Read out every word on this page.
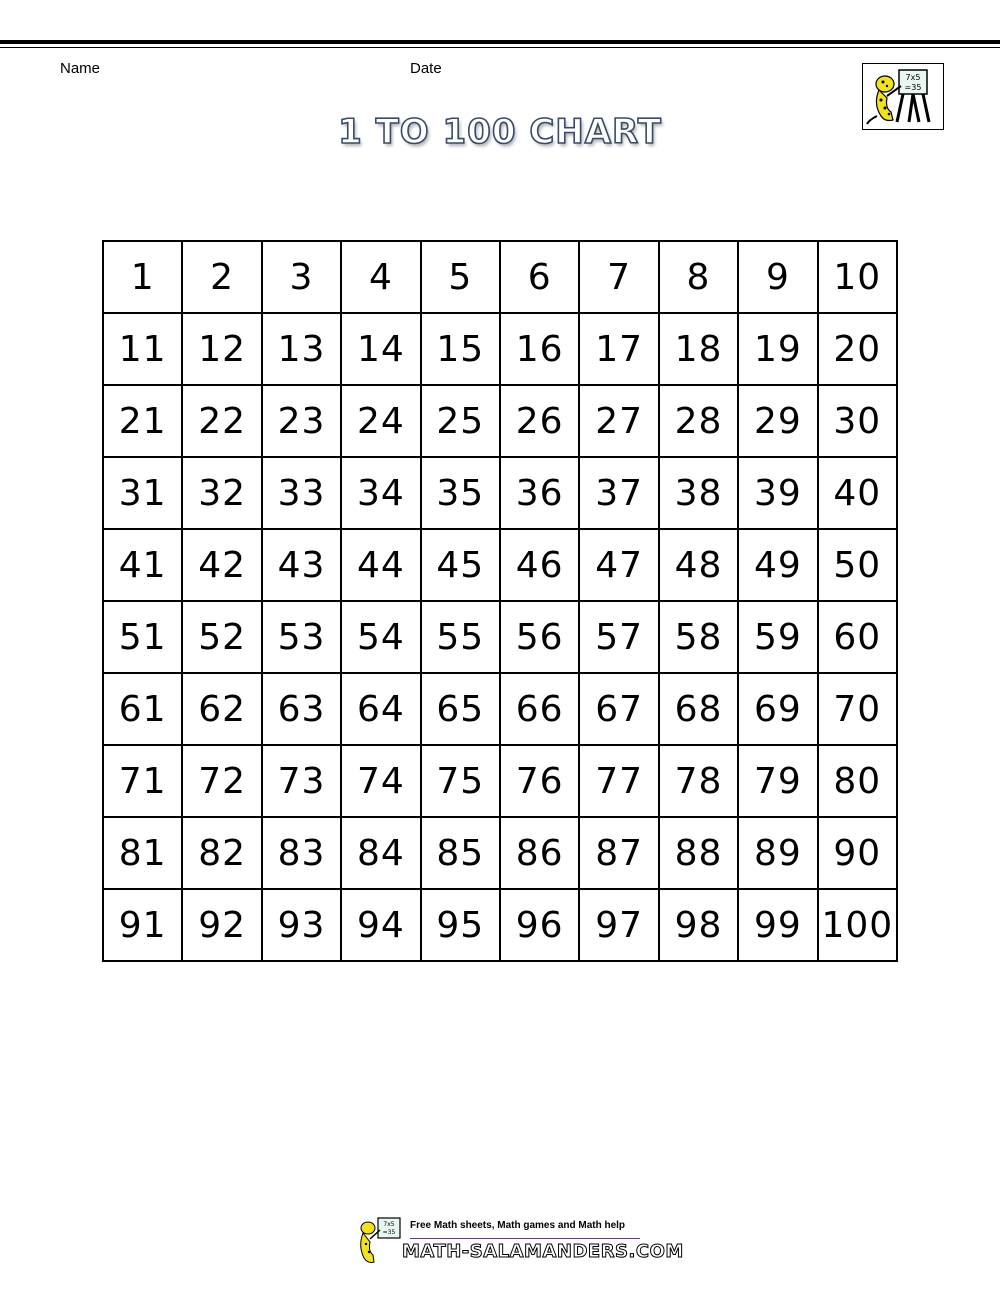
Name	Date
7x5
=35
1 TO 100 CHART
1	2	3	4	5	6	7	8	9	10
11 12 13 14 15 16 17 18 19 20
21 22 23 24 25 26 27 28 29 30
31 32 33 34 35 36 37 38 39 40
41 42 43 44 45 46 47 48 49 50
51 52 53 54 55 56 57 58 59 60
61 62 63 64 65 66 67 68 69 70
71 72 73 74 75 76 77 78 79 80
81 82 83 84 85 86 87 88 89 90
91 92 93 94 95 96 97 98 99 100
7x5
=35
Free Math sheets, Math games and Math help
MATH-SALAMANDERS.COM
